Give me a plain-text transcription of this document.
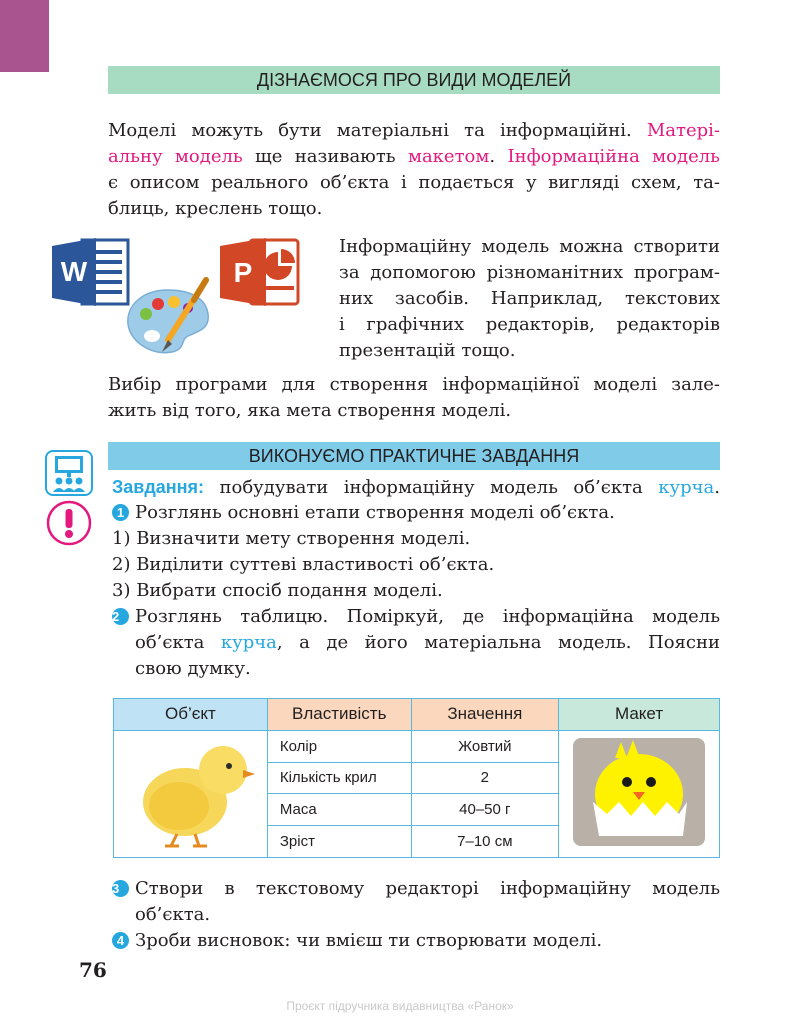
ДІЗНАЄМОСЯ ПРО ВИДИ МОДЕЛЕЙ
Моделі можуть бути матеріальні та інформаційні. Матері-
альну модель ще називають макетом. Інформаційна модель
є описом реального об’єкта і подається у вигляді схем, та-
блиць, креслень тощо.
W	P
Інформаційну модель можна створити
за допомогою різноманітних програм-
них засобів. Наприклад, текстових
і графічних редакторів, редакторів
презентацій тощо.
Вибір програми для створення інформаційної моделі зале-
жить від того, яка мета створення моделі.
ВИКОНУЄМО ПРАКТИЧНЕ ЗАВДАННЯ
Завдання: побудувати інформаційну модель об’єкта курча.
1 Розглянь основні етапи створення моделі об’єкта.
1) Визначити мету створення моделі.
2) Виділити суттеві властивості об’єкта.
3) Вибрати спосіб подання моделі.
2 Розглянь таблицю. Поміркуй, де інформаційна модель
об’єкта курча, а де його матеріальна модель. Поясни
свою думку.
Об’єкт	Властивість	Значення	Макет
	Колір	Жовтий	
	Кількість крил	2	
	Маса	40–50 г	
	Зріст	7–10 см	
3 Створи в текстовому редакторі інформаційну модель
об’єкта.
4 Зроби висновок: чи вмієш ти створювати моделі.
76
Проєкт підручника видавництва «Ранок»
